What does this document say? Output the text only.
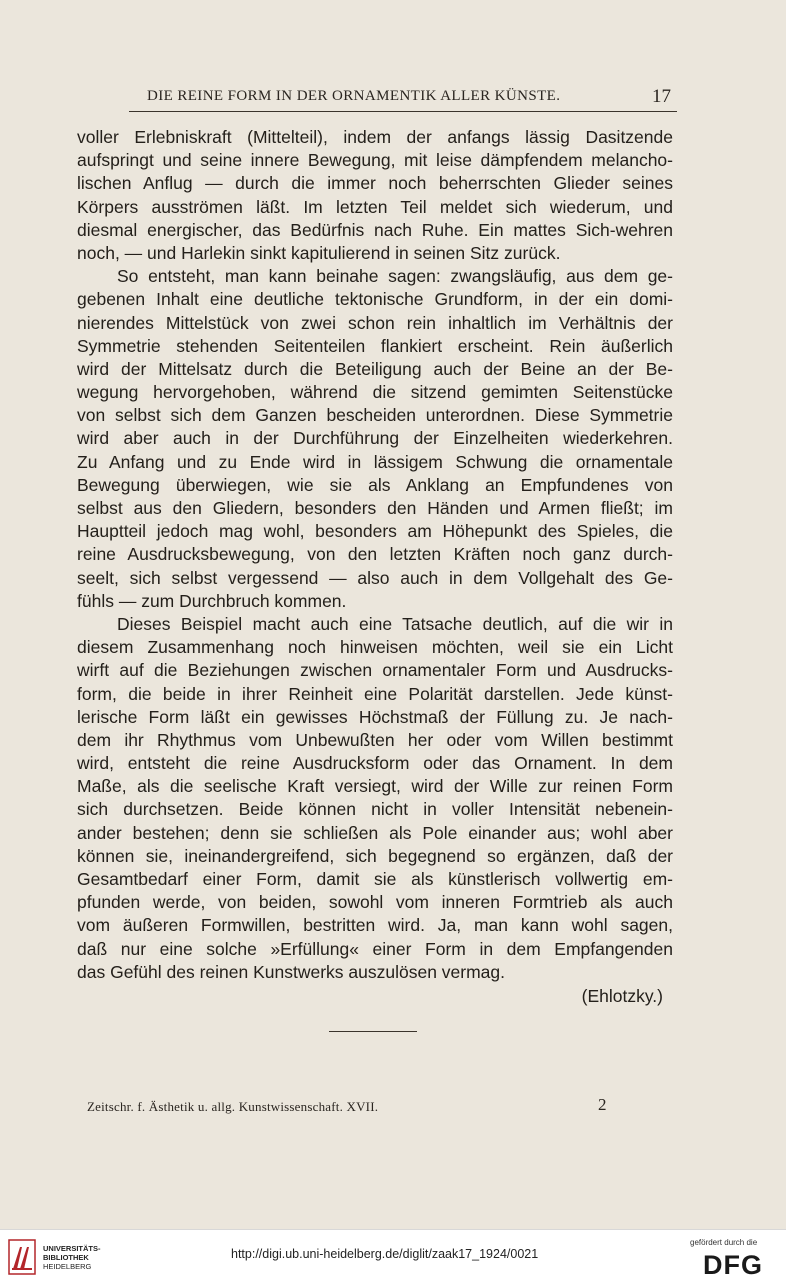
DIE REINE FORM IN DER ORNAMENTIK ALLER KÜNSTE.	17
voller Erlebniskraft (Mittelteil), indem der anfangs lässig Dasitzende
aufspringt und seine innere Bewegung, mit leise dämpfendem melancho-
lischen Anflug — durch die immer noch beherrschten Glieder seines
Körpers ausströmen läßt. Im letzten Teil meldet sich wiederum, und
diesmal energischer, das Bedürfnis nach Ruhe. Ein mattes Sich-wehren
noch, — und Harlekin sinkt kapitulierend in seinen Sitz zurück.
So entsteht, man kann beinahe sagen: zwangsläufig, aus dem ge-
gebenen Inhalt eine deutliche tektonische Grundform, in der ein domi-
nierendes Mittelstück von zwei schon rein inhaltlich im Verhältnis der
Symmetrie stehenden Seitenteilen flankiert erscheint. Rein äußerlich
wird der Mittelsatz durch die Beteiligung auch der Beine an der Be-
wegung hervorgehoben, während die sitzend gemimten Seitenstücke
von selbst sich dem Ganzen bescheiden unterordnen. Diese Symmetrie
wird aber auch in der Durchführung der Einzelheiten wiederkehren.
Zu Anfang und zu Ende wird in lässigem Schwung die ornamentale
Bewegung überwiegen, wie sie als Anklang an Empfundenes von
selbst aus den Gliedern, besonders den Händen und Armen fließt; im
Hauptteil jedoch mag wohl, besonders am Höhepunkt des Spieles, die
reine Ausdrucksbewegung, von den letzten Kräften noch ganz durch-
seelt, sich selbst vergessend — also auch in dem Vollgehalt des Ge-
fühls — zum Durchbruch kommen.
Dieses Beispiel macht auch eine Tatsache deutlich, auf die wir in
diesem Zusammenhang noch hinweisen möchten, weil sie ein Licht
wirft auf die Beziehungen zwischen ornamentaler Form und Ausdrucks-
form, die beide in ihrer Reinheit eine Polarität darstellen. Jede künst-
lerische Form läßt ein gewisses Höchstmaß der Füllung zu. Je nach-
dem ihr Rhythmus vom Unbewußten her oder vom Willen bestimmt
wird, entsteht die reine Ausdrucksform oder das Ornament. In dem
Maße, als die seelische Kraft versiegt, wird der Wille zur reinen Form
sich durchsetzen. Beide können nicht in voller Intensität nebenein-
ander bestehen; denn sie schließen als Pole einander aus; wohl aber
können sie, ineinandergreifend, sich begegnend so ergänzen, daß der
Gesamtbedarf einer Form, damit sie als künstlerisch vollwertig em-
pfunden werde, von beiden, sowohl vom inneren Formtrieb als auch
vom äußeren Formwillen, bestritten wird. Ja, man kann wohl sagen,
daß nur eine solche »Erfüllung« einer Form in dem Empfangenden
das Gefühl des reinen Kunstwerks auszulösen vermag.
(Ehlotzky.)
Zeitschr. f. Ästhetik u. allg. Kunstwissenschaft. XVII.	2
UNIVERSITÄTS-
BIBLIOTHEK
HEIDELBERG
http://digi.ub.uni-heidelberg.de/diglit/zaak17_1924/0021
gefördert durch die
DFG
